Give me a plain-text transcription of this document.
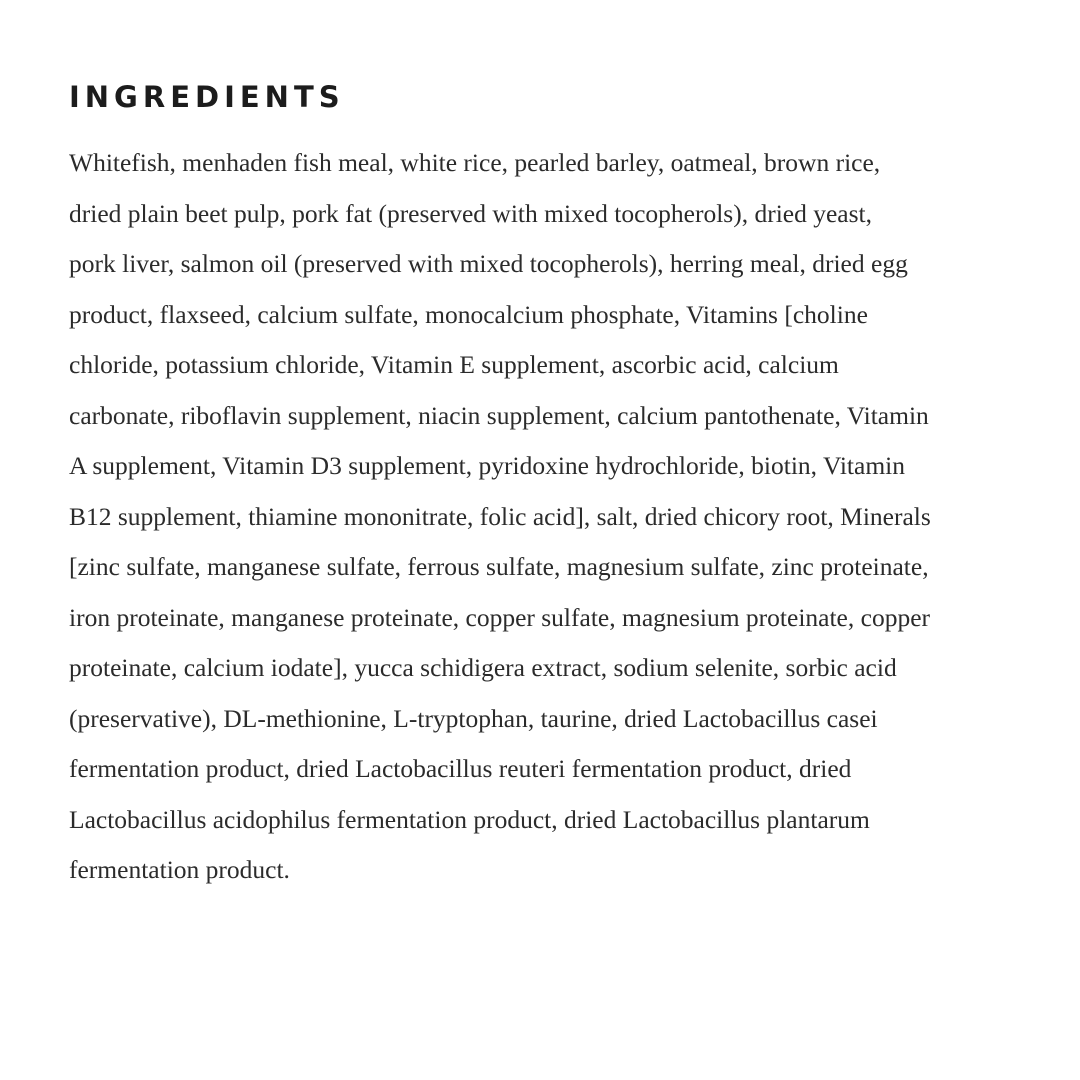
INGREDIENTS

Whitefish, menhaden fish meal, white rice, pearled barley, oatmeal, brown rice,
dried plain beet pulp, pork fat (preserved with mixed tocopherols), dried yeast,
pork liver, salmon oil (preserved with mixed tocopherols), herring meal, dried egg
product, flaxseed, calcium sulfate, monocalcium phosphate, Vitamins [choline
chloride, potassium chloride, Vitamin E supplement, ascorbic acid, calcium
carbonate, riboflavin supplement, niacin supplement, calcium pantothenate, Vitamin
A supplement, Vitamin D3 supplement, pyridoxine hydrochloride, biotin, Vitamin
B12 supplement, thiamine mononitrate, folic acid], salt, dried chicory root, Minerals
[zinc sulfate, manganese sulfate, ferrous sulfate, magnesium sulfate, zinc proteinate,
iron proteinate, manganese proteinate, copper sulfate, magnesium proteinate, copper
proteinate, calcium iodate], yucca schidigera extract, sodium selenite, sorbic acid
(preservative), DL-methionine, L-tryptophan, taurine, dried Lactobacillus casei
fermentation product, dried Lactobacillus reuteri fermentation product, dried
Lactobacillus acidophilus fermentation product, dried Lactobacillus plantarum
fermentation product.
